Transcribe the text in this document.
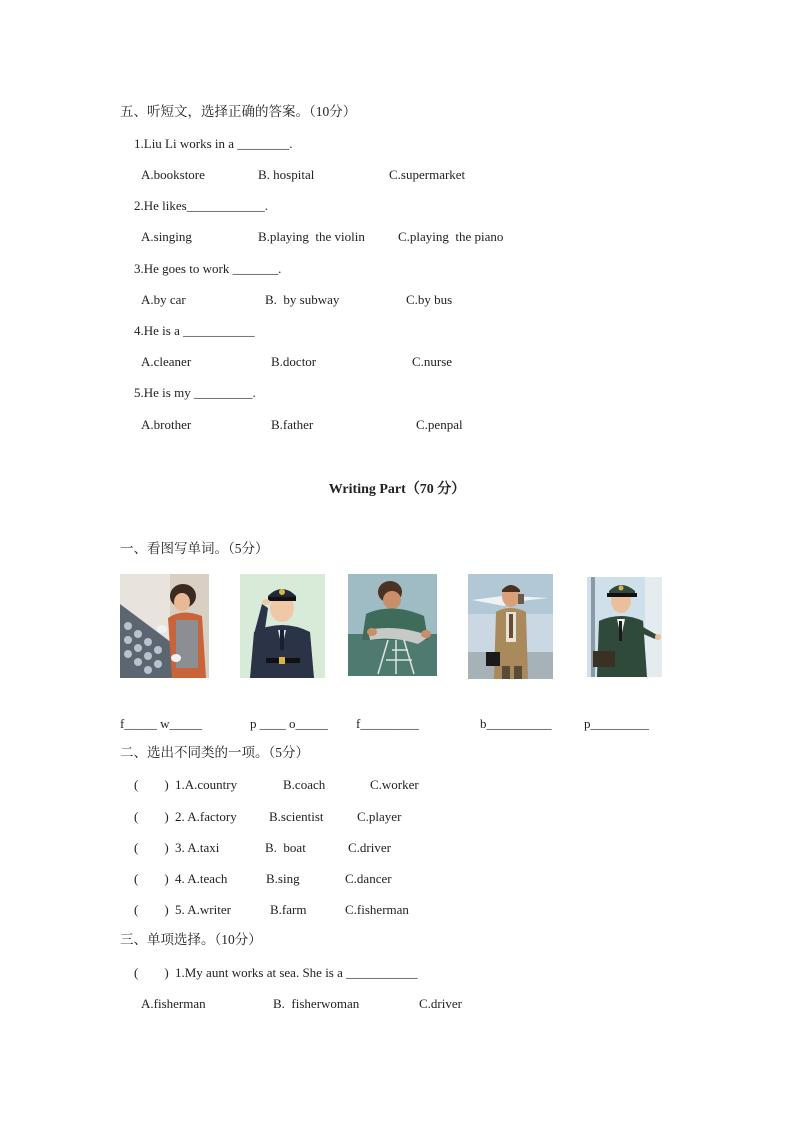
五、听短文，选择正确的答案。（10分）
1.Liu Li works in a ________.
A.bookstore	B. hospital	C.supermarket
2.He likes____________.
A.singing	B.playing  the violin	C.playing  the piano
3.He goes to work _______.
A.by car	B.  by subway	C.by bus
4.He is a ___________
A.cleaner	B.doctor	C.nurse
5.He is my _________.
A.brother	B.father	C.penpal
Writing Part（70 分）
一、看图写单词。（5分）
f_____ w_____	p ____ o_____ f_________	b__________	p_________
二、选出不同类的一项。（5分）
(        ) 1.A.country	B.coach	C.worker
(        ) 2. A.factory B.scientist	C.player
(        ) 3. A.taxi	B.  boat	C.driver
(        ) 4. A.teach	B.sing	C.dancer
(        ) 5. A.writer	B.farm	C.fisherman
三、单项选择。（10分）
(        ) 1.My aunt works at sea. She is a ___________
A.fisherman	B.  fisherwoman	C.driver
